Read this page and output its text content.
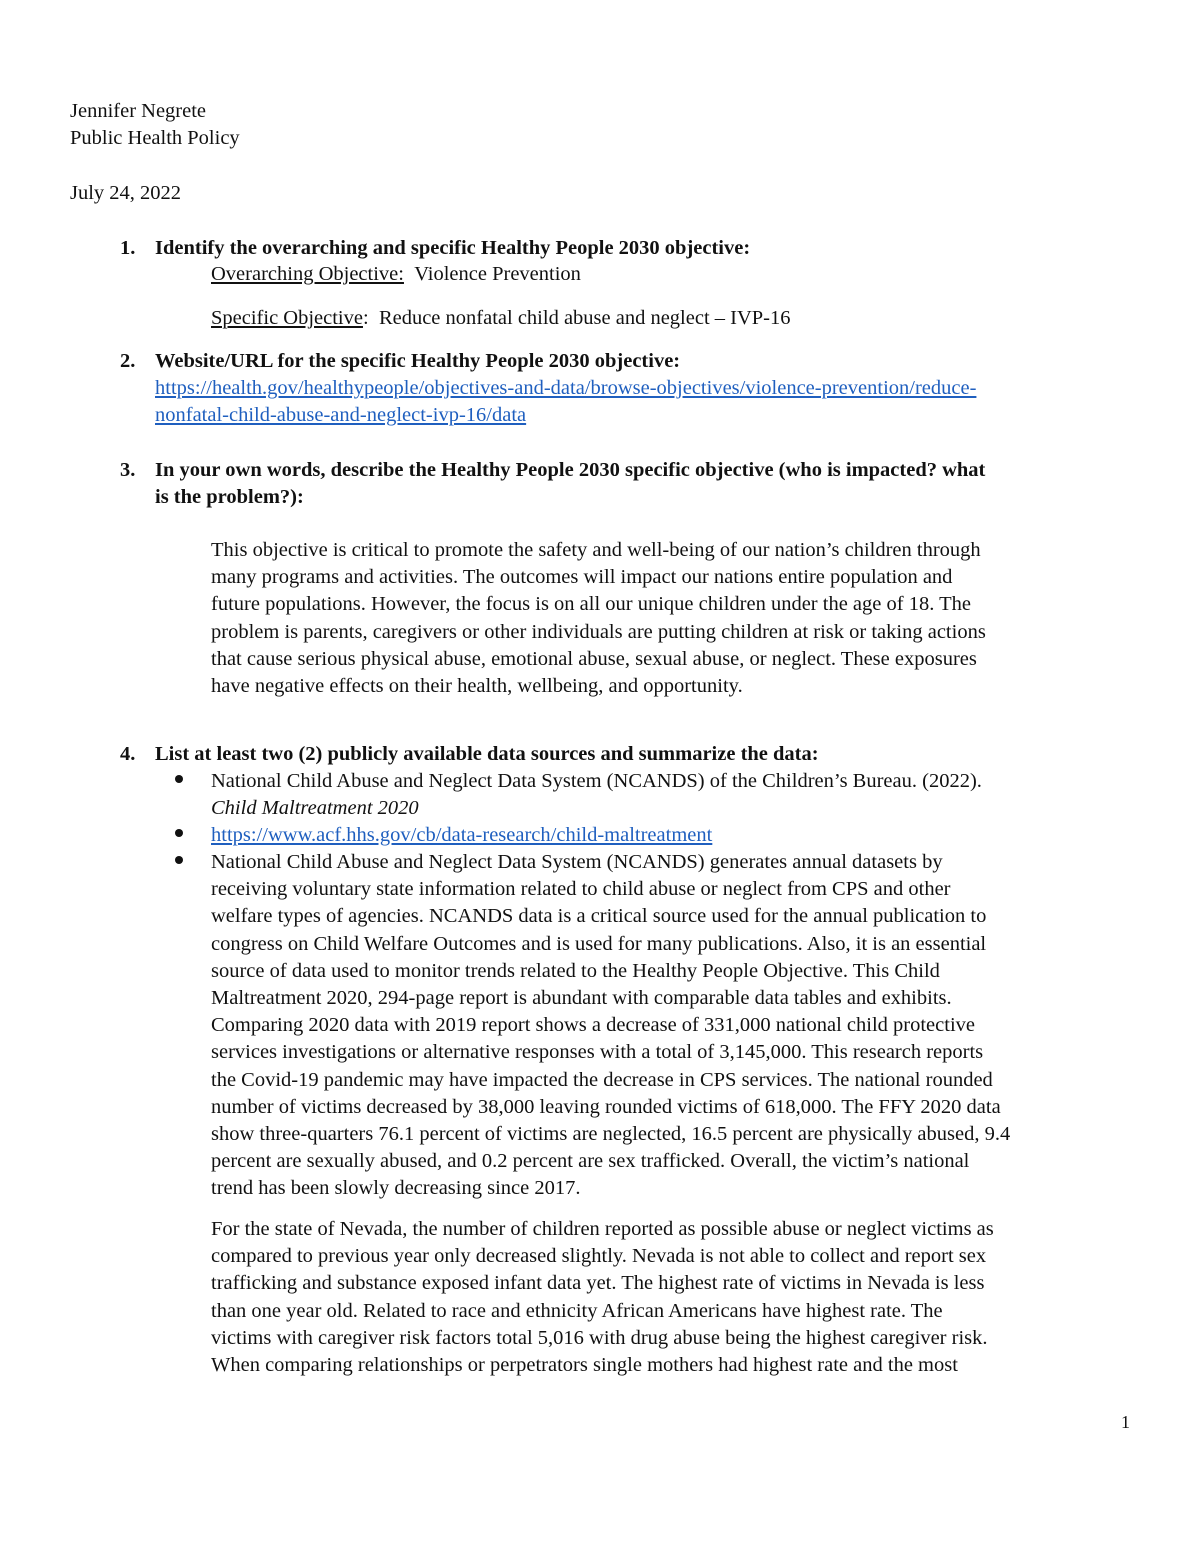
Jennifer Negrete
Public Health Policy
July 24, 2022
1. Identify the overarching and specific Healthy People 2030 objective:
Overarching Objective: Violence Prevention
Specific Objective: Reduce nonfatal child abuse and neglect – IVP-16
2. Website/URL for the specific Healthy People 2030 objective:
https://health.gov/healthypeople/objectives-and-data/browse-objectives/violence-prevention/reduce-
nonfatal-child-abuse-and-neglect-ivp-16/data
3. In your own words, describe the Healthy People 2030 specific objective (who is impacted? what
is the problem?):
This objective is critical to promote the safety and well-being of our nation’s children through
many programs and activities. The outcomes will impact our nations entire population and
future populations. However, the focus is on all our unique children under the age of 18. The
problem is parents, caregivers or other individuals are putting children at risk or taking actions
that cause serious physical abuse, emotional abuse, sexual abuse, or neglect. These exposures
have negative effects on their health, wellbeing, and opportunity.
4. List at least two (2) publicly available data sources and summarize the data:
National Child Abuse and Neglect Data System (NCANDS) of the Children’s Bureau. (2022).
Child Maltreatment 2020
https://www.acf.hhs.gov/cb/data-research/child-maltreatment
National Child Abuse and Neglect Data System (NCANDS) generates annual datasets by
receiving voluntary state information related to child abuse or neglect from CPS and other
welfare types of agencies. NCANDS data is a critical source used for the annual publication to
congress on Child Welfare Outcomes and is used for many publications. Also, it is an essential
source of data used to monitor trends related to the Healthy People Objective. This Child
Maltreatment 2020, 294-page report is abundant with comparable data tables and exhibits.
Comparing 2020 data with 2019 report shows a decrease of 331,000 national child protective
services investigations or alternative responses with a total of 3,145,000. This research reports
the Covid-19 pandemic may have impacted the decrease in CPS services. The national rounded
number of victims decreased by 38,000 leaving rounded victims of 618,000. The FFY 2020 data
show three-quarters 76.1 percent of victims are neglected, 16.5 percent are physically abused, 9.4
percent are sexually abused, and 0.2 percent are sex trafficked. Overall, the victim’s national
trend has been slowly decreasing since 2017.
For the state of Nevada, the number of children reported as possible abuse or neglect victims as
compared to previous year only decreased slightly. Nevada is not able to collect and report sex
trafficking and substance exposed infant data yet. The highest rate of victims in Nevada is less
than one year old. Related to race and ethnicity African Americans have highest rate. The
victims with caregiver risk factors total 5,016 with drug abuse being the highest caregiver risk.
When comparing relationships or perpetrators single mothers had highest rate and the most
1
